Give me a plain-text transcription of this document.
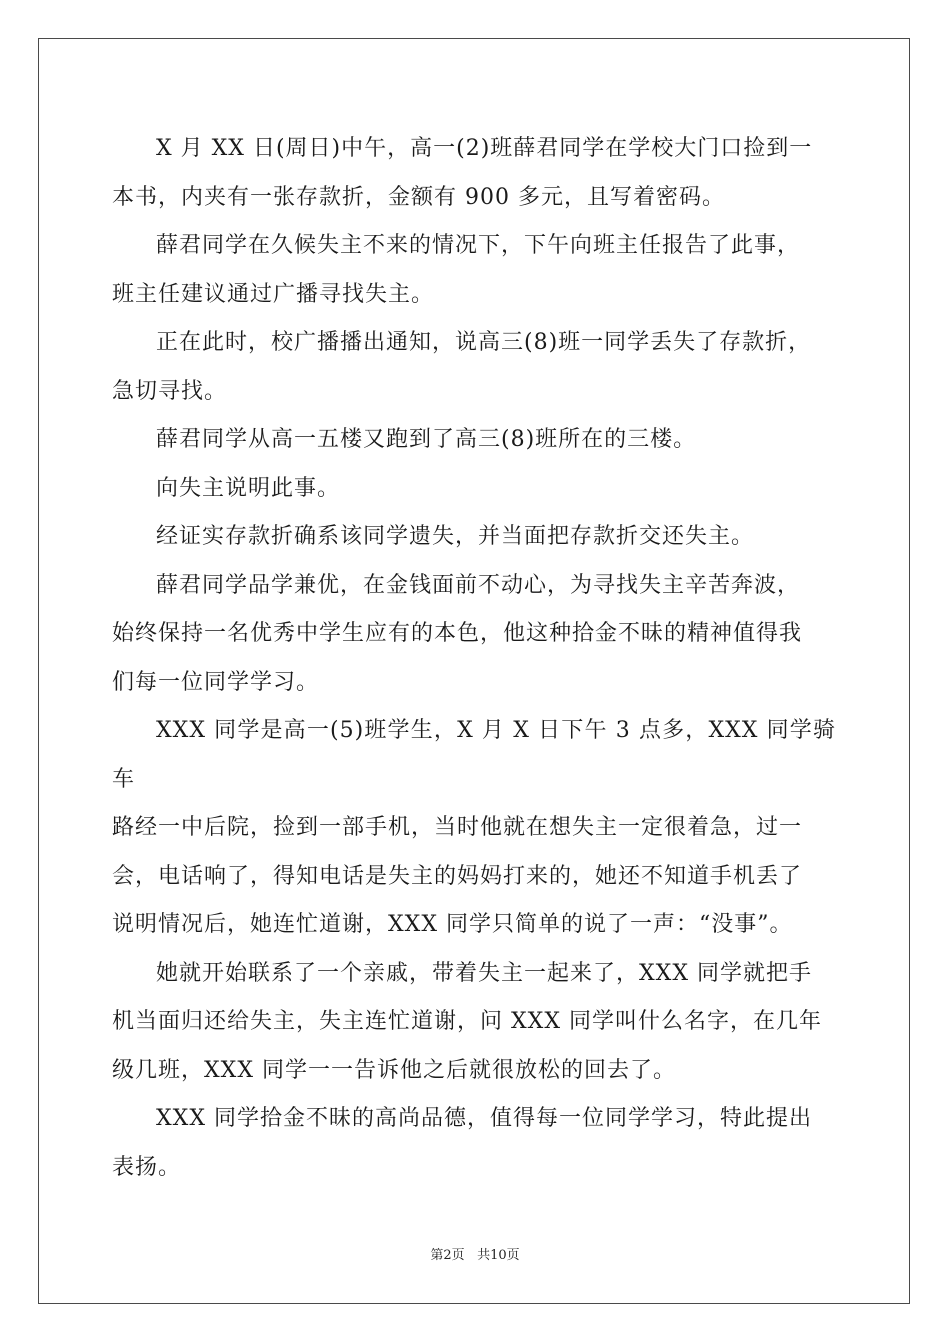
X 月 XX 日(周日)中午，高一(2)班薛君同学在学校大门口捡到一
本书，内夹有一张存款折，金额有 900 多元，且写着密码。

薛君同学在久候失主不来的情况下，下午向班主任报告了此事，
班主任建议通过广播寻找失主。

正在此时，校广播播出通知，说高三(8)班一同学丢失了存款折，
急切寻找。

薛君同学从高一五楼又跑到了高三(8)班所在的三楼。

向失主说明此事。

经证实存款折确系该同学遗失，并当面把存款折交还失主。

薛君同学品学兼优，在金钱面前不动心，为寻找失主辛苦奔波，
始终保持一名优秀中学生应有的本色，他这种拾金不昧的精神值得我
们每一位同学学习。

XXX 同学是高一(5)班学生，X 月 X 日下午 3 点多，XXX 同学骑车
路经一中后院，捡到一部手机，当时他就在想失主一定很着急，过一
会，电话响了，得知电话是失主的妈妈打来的，她还不知道手机丢了
说明情况后，她连忙道谢，XXX 同学只简单的说了一声：“没事”。

她就开始联系了一个亲戚，带着失主一起来了，XXX 同学就把手
机当面归还给失主，失主连忙道谢，问 XXX 同学叫什么名字，在几年
级几班，XXX 同学一一告诉他之后就很放松的回去了。

XXX 同学拾金不昧的高尚品德，值得每一位同学学习，特此提出
表扬。

第2页 共10页
